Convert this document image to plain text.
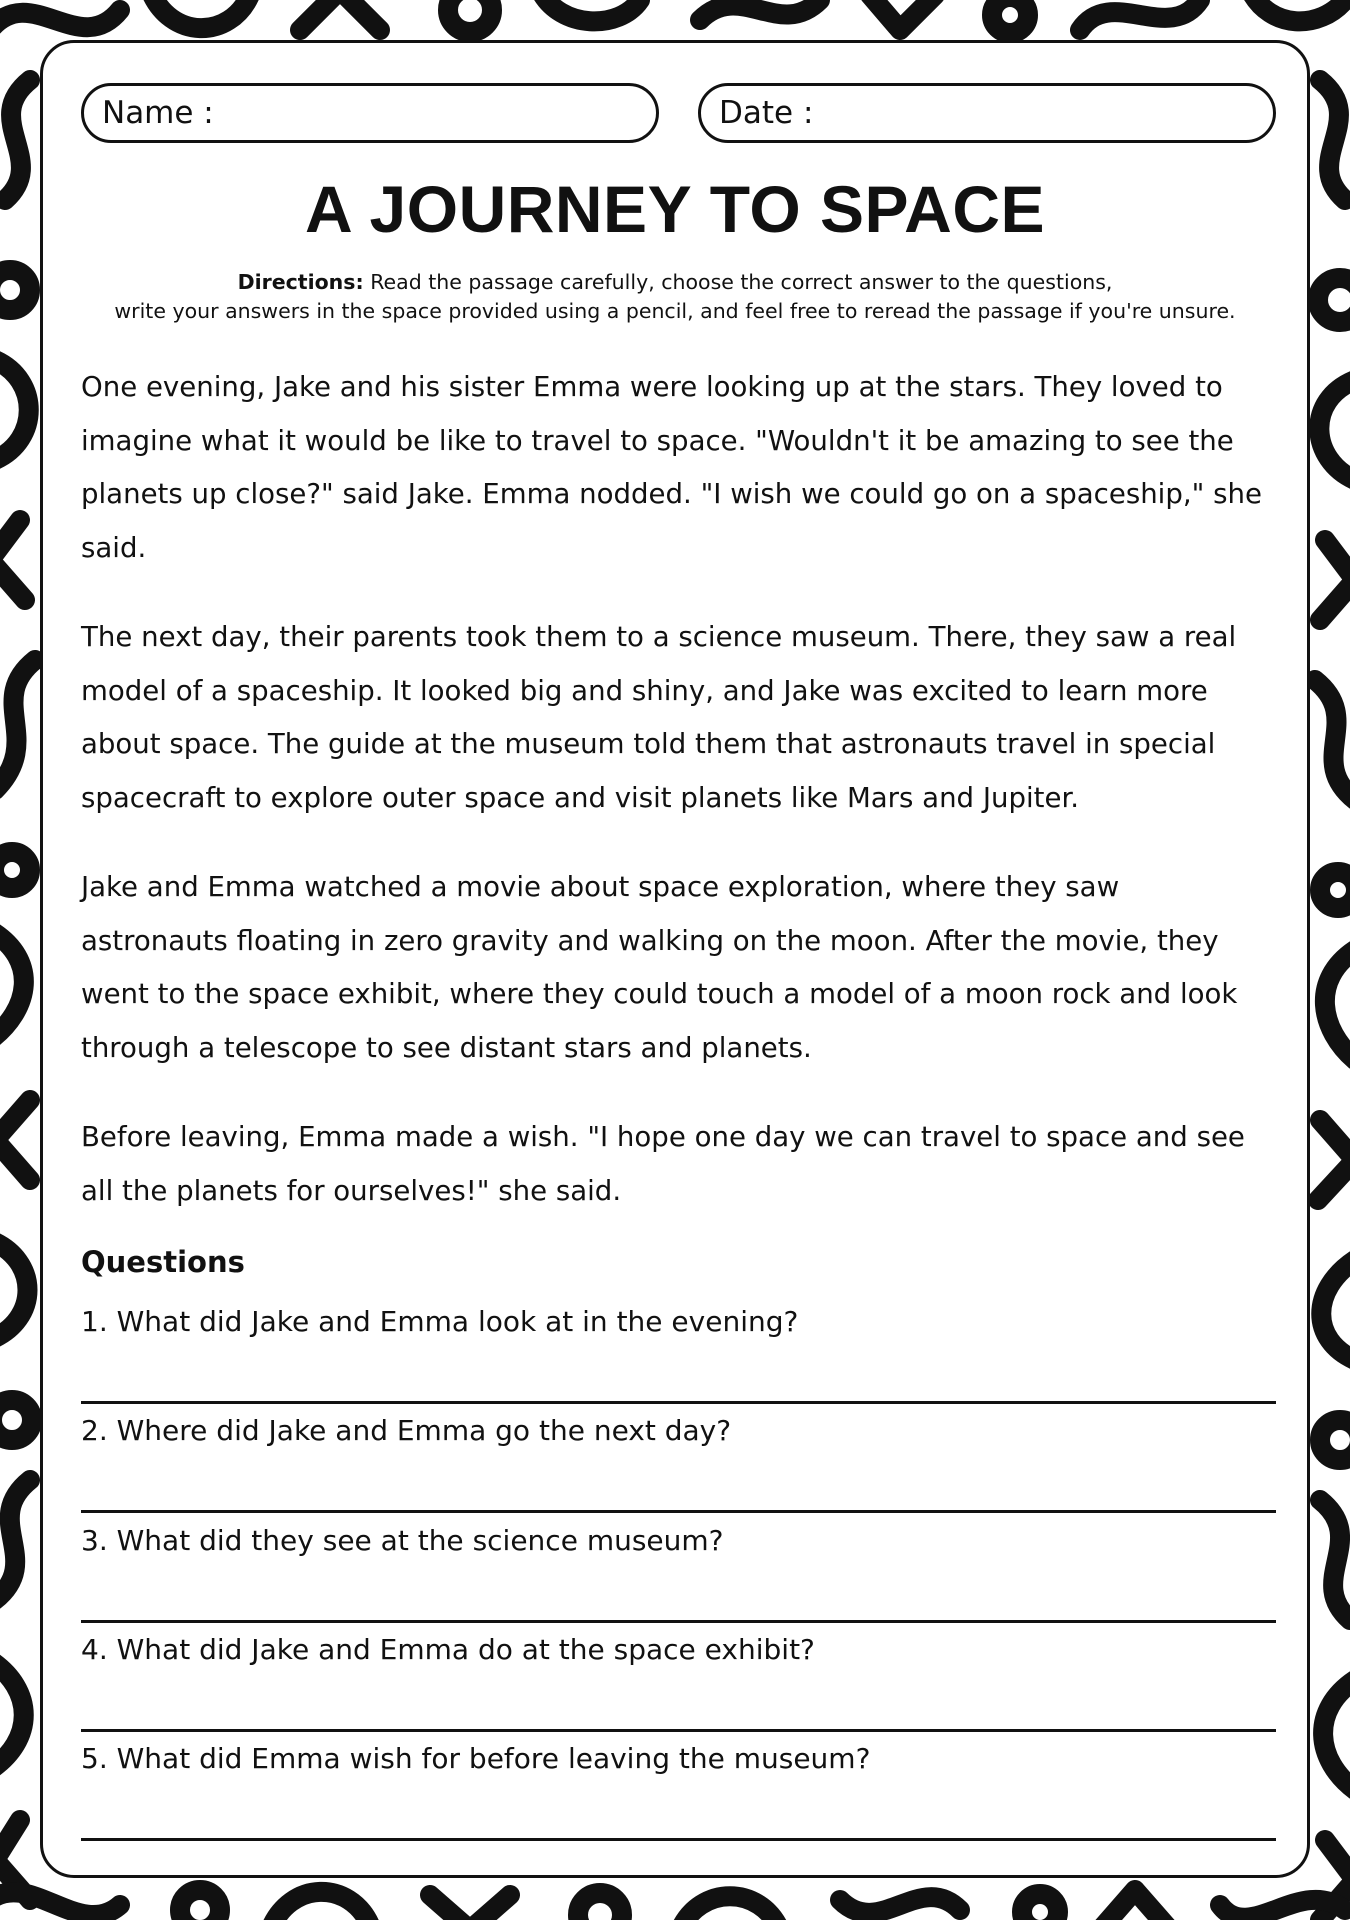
Name :	Date :
A JOURNEY TO SPACE
Directions: Read the passage carefully, choose the correct answer to the questions,
write your answers in the space provided using a pencil, and feel free to reread the passage if you're unsure.

One evening, Jake and his sister Emma were looking up at the stars. They loved to imagine what it would be like to travel to space. "Wouldn't it be amazing to see the planets up close?" said Jake. Emma nodded. "I wish we could go on a spaceship," she said.

The next day, their parents took them to a science museum. There, they saw a real model of a spaceship. It looked big and shiny, and Jake was excited to learn more about space. The guide at the museum told them that astronauts travel in special spacecraft to explore outer space and visit planets like Mars and Jupiter.

Jake and Emma watched a movie about space exploration, where they saw astronauts floating in zero gravity and walking on the moon. After the movie, they went to the space exhibit, where they could touch a model of a moon rock and look through a telescope to see distant stars and planets.

Before leaving, Emma made a wish. "I hope one day we can travel to space and see all the planets for ourselves!" she said.

Questions
1. What did Jake and Emma look at in the evening?
2. Where did Jake and Emma go the next day?
3. What did they see at the science museum?
4. What did Jake and Emma do at the space exhibit?
5. What did Emma wish for before leaving the museum?
